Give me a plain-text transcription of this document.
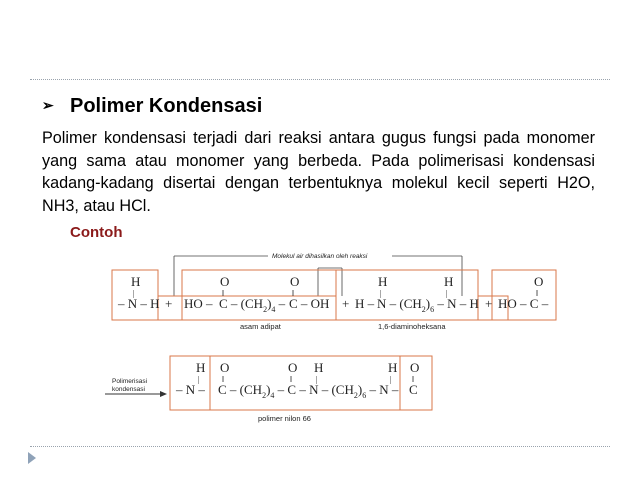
➢ Polimer Kondensasi
Polimer kondensasi terjadi dari reaksi antara gugus fungsi pada monomer yang sama atau monomer yang berbeda. Pada polimerisasi kondensasi kadang-kadang disertai dengan terbentuknya molekul kecil seperti H2O, NH3, atau HCl.
Contoh
Molekul air dihasilkan oleh reaksi
H
|
– N – H + HO –
O
‖
C – $(CH_2)_4$ –
O
‖
C – OH + H –
H
|
N – $(CH_2)_6$ – N – H
H
|
+ HO – C –
O
‖
asam adipat	1,6-diaminoheksana
Polimerisasi
kondensasi
H O	O H	H O
|	‖	‖	|	|	‖
– N – C – $(CH_2)_4$ – C – N – $(CH_2)_6$ – N – C
polimer nilon 66
